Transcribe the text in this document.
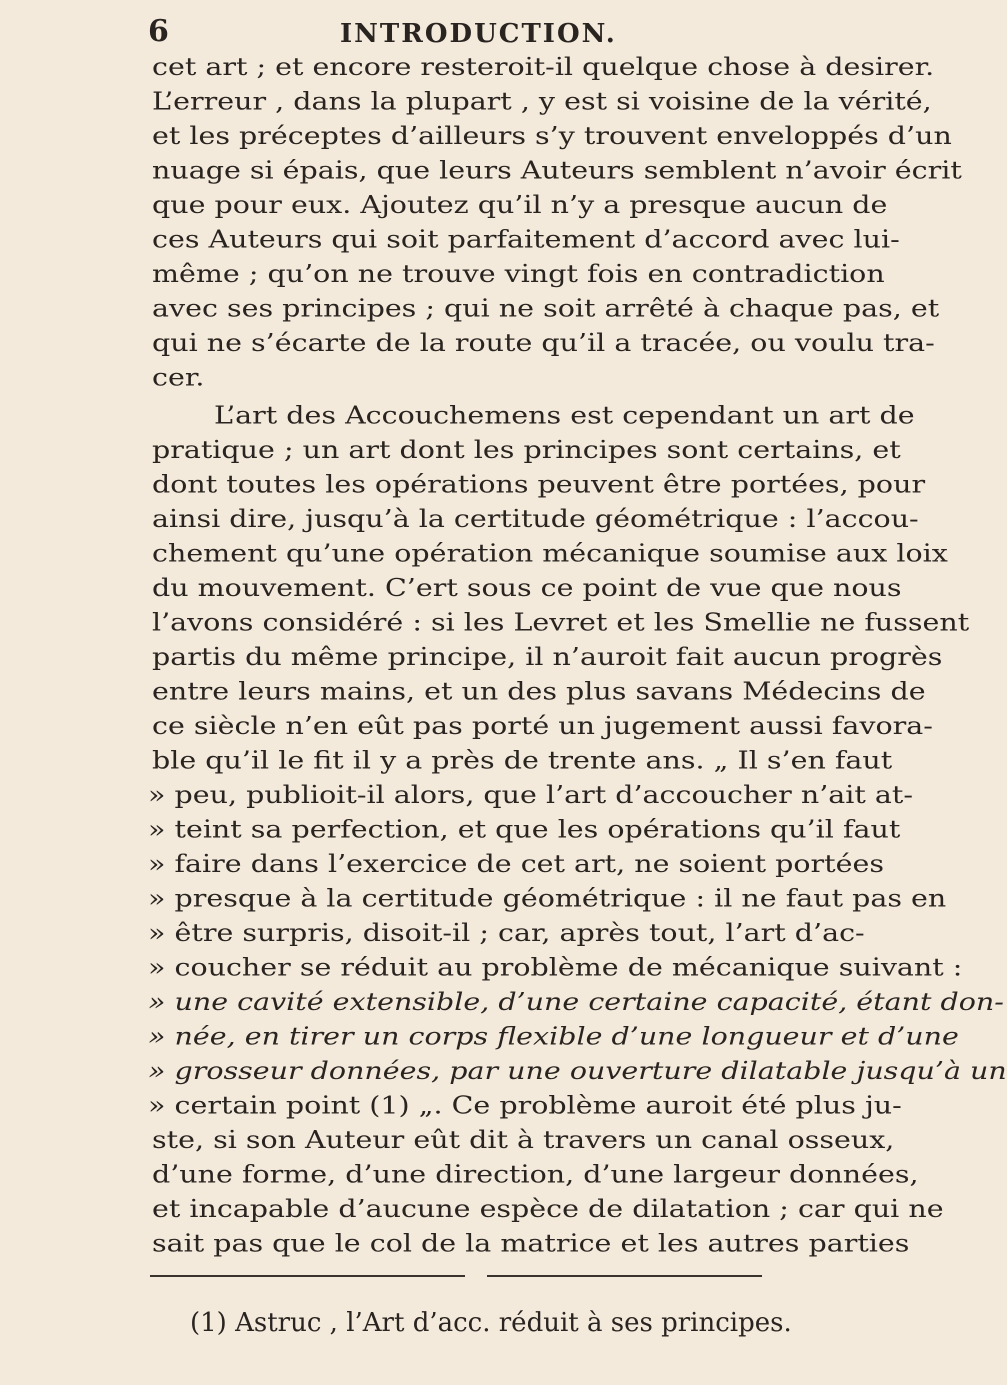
6	INTRODUCTION.
cet art ; et encore resteroit-il quelque chose à desirer.
L’erreur , dans la plupart , y est si voisine de la vérité,
et les préceptes d’ailleurs s’y trouvent enveloppés d’un
nuage si épais, que leurs Auteurs semblent n’avoir écrit
que pour eux. Ajoutez qu’il n’y a presque aucun de
ces Auteurs qui soit parfaitement d’accord avec lui-
même ; qu’on ne trouve vingt fois en contradiction
avec ses principes ; qui ne soit arrêté à chaque pas, et
qui ne s’écarte de la route qu’il a tracée, ou voulu tra-
cer.
L’art des Accouchemens est cependant un art de
pratique ; un art dont les principes sont certains, et
dont toutes les opérations peuvent être portées, pour
ainsi dire, jusqu’à la certitude géométrique : l’accou-
chement qu’une opération mécanique soumise aux loix
du mouvement. C’ert sous ce point de vue que nous
l’avons considéré : si les Levret et les Smellie ne fussent
partis du même principe, il n’auroit fait aucun progrès
entre leurs mains, et un des plus savans Médecins de
ce siècle n’en eût pas porté un jugement aussi favora-
ble qu’il le fit il y a près de trente ans. „ Il s’en faut
» peu, publioit-il alors, que l’art d’accoucher n’ait at-
» teint sa perfection, et que les opérations qu’il faut
» faire dans l’exercice de cet art, ne soient portées
» presque à la certitude géométrique : il ne faut pas en
» être surpris, disoit-il ; car, après tout, l’art d’ac-
» coucher se réduit au problème de mécanique suivant :
» une cavité extensible, d’une certaine capacité, étant don-
» née, en tirer un corps flexible d’une longueur et d’une
» grosseur données, par une ouverture dilatable jusqu’à un
» certain point (1) „. Ce problème auroit été plus ju-
ste, si son Auteur eût dit à travers un canal osseux,
d’une forme, d’une direction, d’une largeur données,
et incapable d’aucune espèce de dilatation ; car qui ne
sait pas que le col de la matrice et les autres parties
(1) Astruc , l’Art d’acc. réduit à ses principes.
